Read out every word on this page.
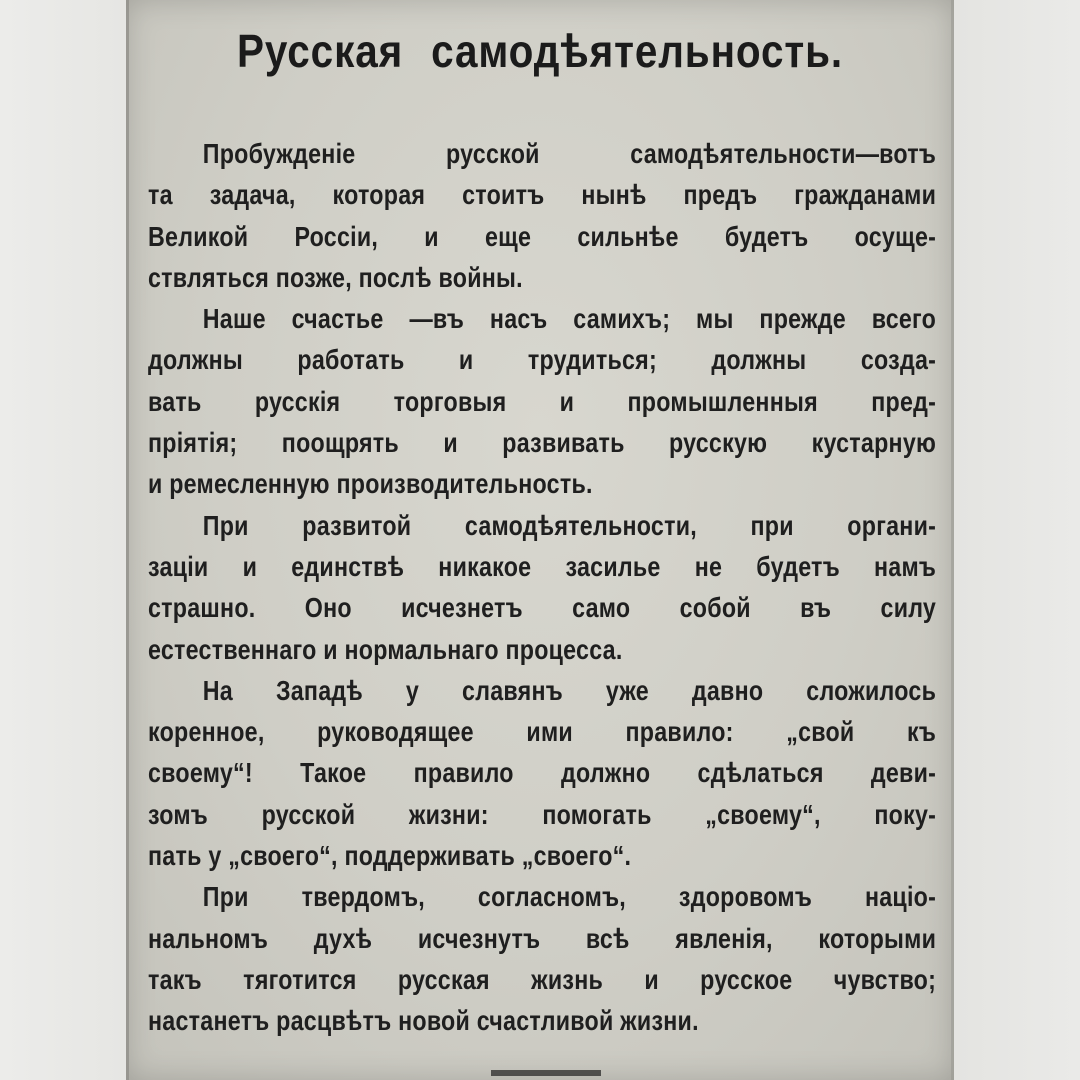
Русская самодѣятельность.
Пробужденіе русской самодѣятельности—вотъ
та задача, которая стоитъ нынѣ предъ гражданами
Великой Россіи, и еще сильнѣе будетъ осуще-
ствляться позже, послѣ войны.
Наше счастье —въ насъ самихъ; мы прежде всего
должны работать и трудиться; должны созда-
вать русскія торговыя и промышленныя пред-
пріятія; поощрять и развивать русскую кустарную
и ремесленную производительность.
При развитой самодѣятельности, при органи-
заціи и единствѣ никакое засилье не будетъ намъ
страшно. Оно исчезнетъ само собой въ силу
естественнаго и нормальнаго процесса.
На Западѣ у славянъ уже давно сложилось
коренное, руководящее ими правило: „свой къ
своему“! Такое правило должно сдѣлаться деви-
зомъ русской жизни: помогать „своему“, поку-
пать у „своего“, поддерживать „своего“.
При твердомъ, согласномъ, здоровомъ націо-
нальномъ духѣ исчезнутъ всѣ явленія, которыми
такъ тяготится русская жизнь и русское чувство;
настанетъ расцвѣтъ новой счастливой жизни.
